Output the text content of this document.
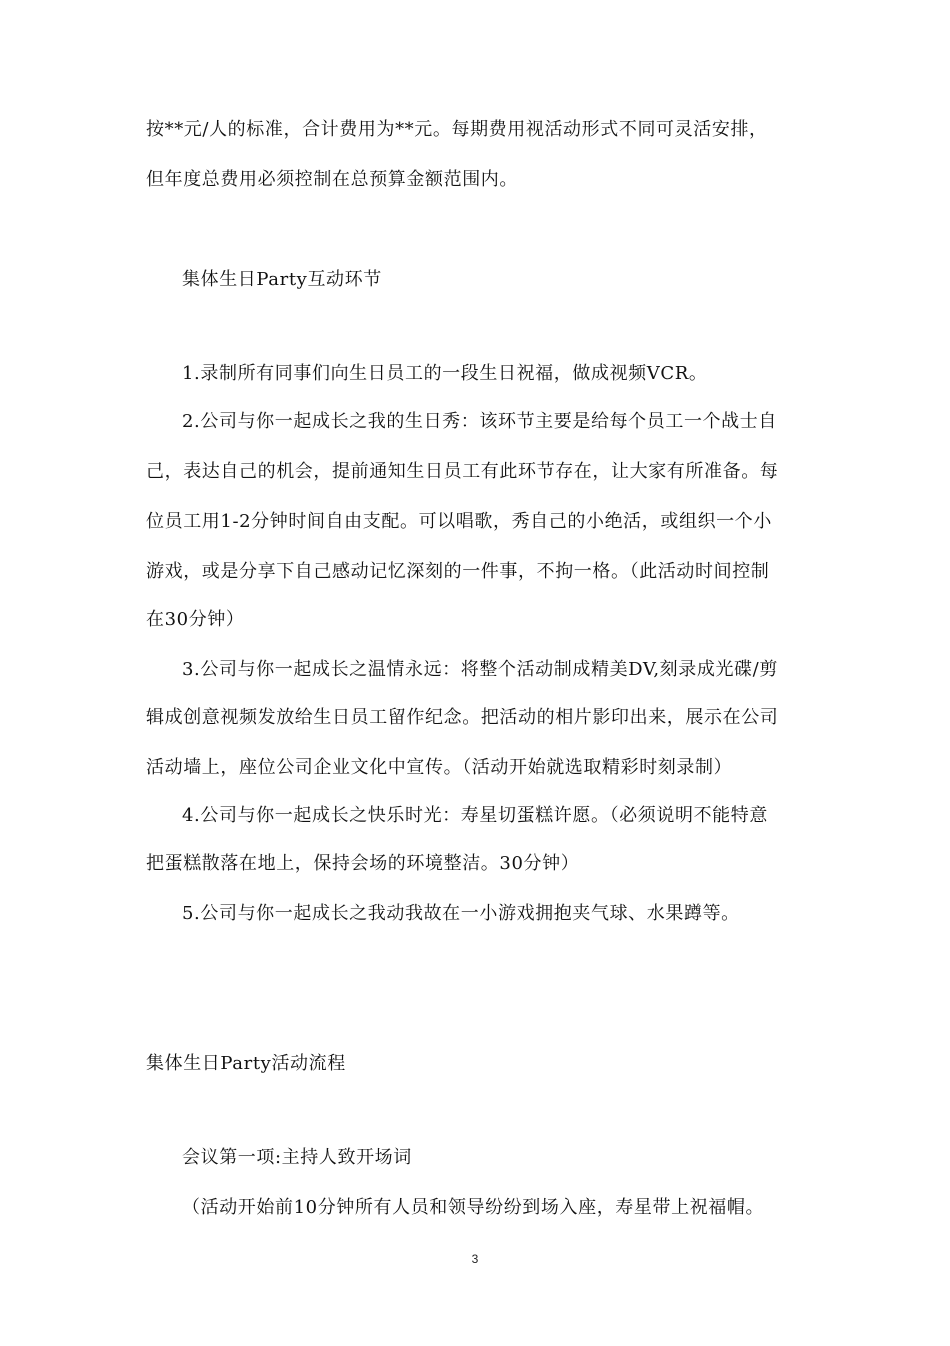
按**元/人的标准，合计费用为**元。每期费用视活动形式不同可灵活安排，

但年度总费用必须控制在总预算金额范围内。

集体生日Party互动环节

1.录制所有同事们向生日员工的一段生日祝福，做成视频VCR。

2.公司与你一起成长之我的生日秀：该环节主要是给每个员工一个战士自

己，表达自己的机会，提前通知生日员工有此环节存在，让大家有所准备。每

位员工用1-2分钟时间自由支配。可以唱歌，秀自己的小绝活，或组织一个小

游戏，或是分享下自己感动记忆深刻的一件事，不拘一格。（此活动时间控制

在30分钟）

3.公司与你一起成长之温情永远：将整个活动制成精美DV,刻录成光碟/剪

辑成创意视频发放给生日员工留作纪念。把活动的相片影印出来，展示在公司

活动墙上，座位公司企业文化中宣传。（活动开始就选取精彩时刻录制）

4.公司与你一起成长之快乐时光：寿星切蛋糕许愿。（必须说明不能特意

把蛋糕散落在地上，保持会场的环境整洁。30分钟）

5.公司与你一起成长之我动我故在一小游戏拥抱夹气球、水果蹲等。

集体生日Party活动流程

会议第一项:主持人致开场词

（活动开始前10分钟所有人员和领导纷纷到场入座，寿星带上祝福帽。

3
